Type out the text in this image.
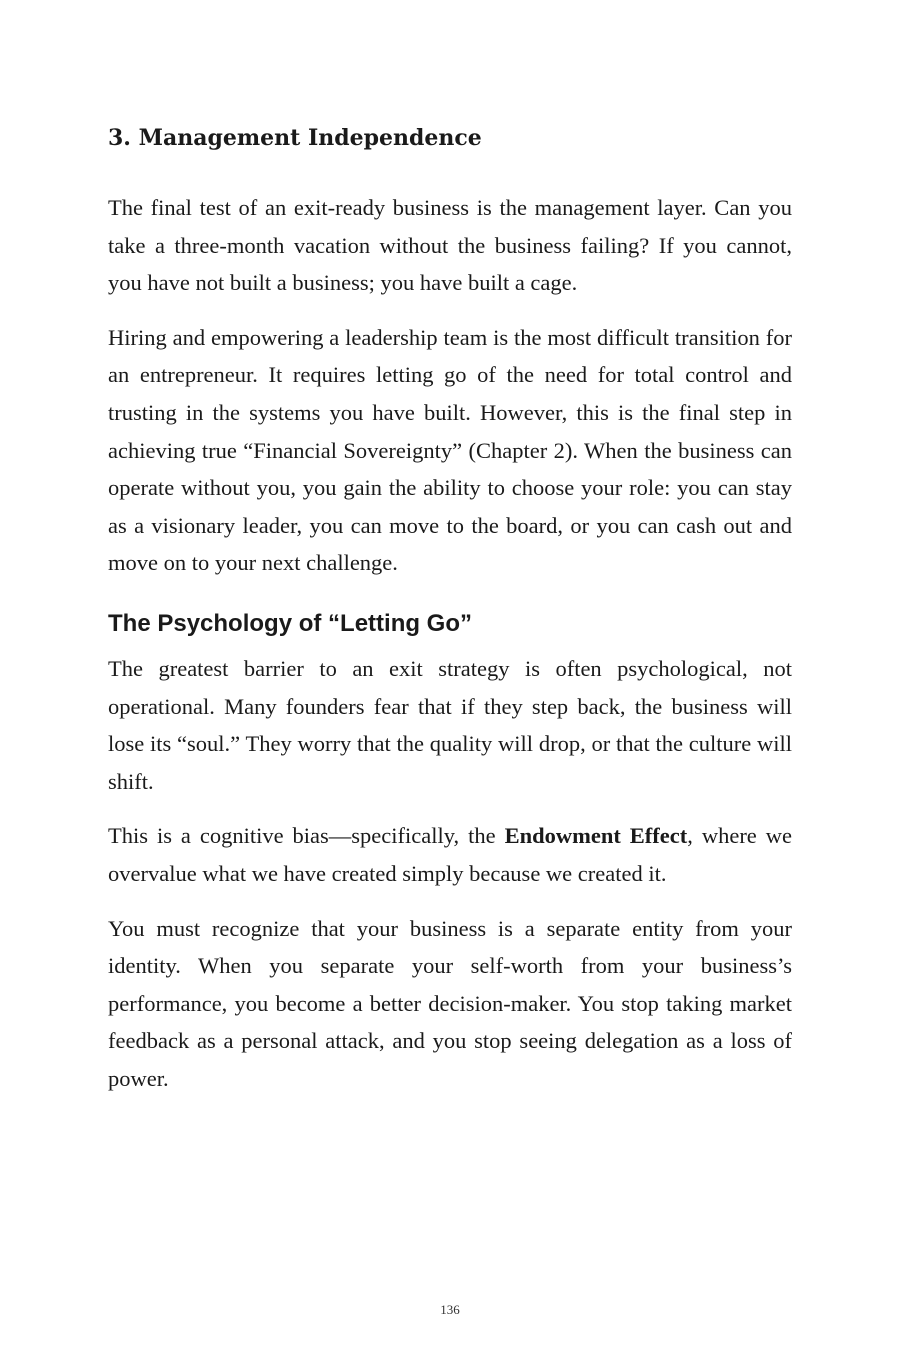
3. Management Independence

The final test of an exit-ready business is the management layer. Can you take a three-month vacation without the business failing? If you cannot, you have not built a business; you have built a cage.

Hiring and empowering a leadership team is the most difficult transition for an entrepreneur. It requires letting go of the need for total control and trusting in the systems you have built. However, this is the final step in achieving true “Financial Sovereignty” (Chapter 2). When the business can operate without you, you gain the ability to choose your role: you can stay as a visionary leader, you can move to the board, or you can cash out and move on to your next challenge.

The Psychology of “Letting Go”

The greatest barrier to an exit strategy is often psychological, not operational. Many founders fear that if they step back, the business will lose its “soul.” They worry that the quality will drop, or that the culture will shift.

This is a cognitive bias—specifically, the Endowment Effect, where we overvalue what we have created simply because we created it.

You must recognize that your business is a separate entity from your identity. When you separate your self-worth from your business’s performance, you become a better decision-maker. You stop taking market feedback as a personal attack, and you stop seeing delegation as a loss of power.

136
